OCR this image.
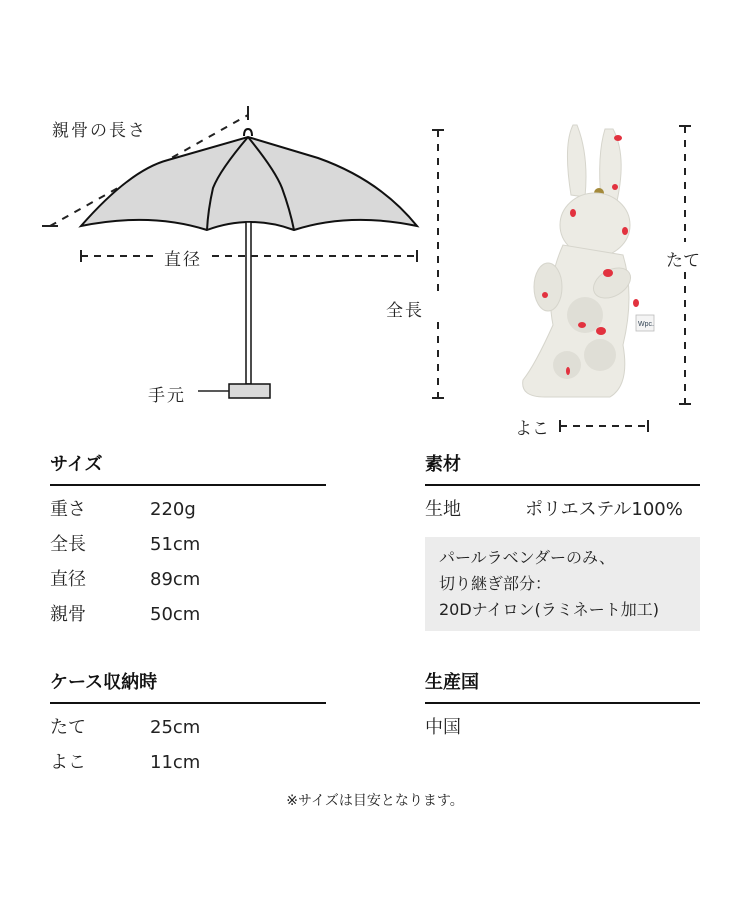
Wpc.
親骨の長さ
直径
全長
手元
たて
よこ
サイズ
重さ	220g
全長	51cm
直径	89cm
親骨	50cm
素材
生地	ポリエステル100%
パールラベンダーのみ、
切り継ぎ部分：
20Dナイロン(ラミネート加工)
ケース収納時
たて	25cm
よこ	11cm
生産国
中国
※サイズは目安となります。
